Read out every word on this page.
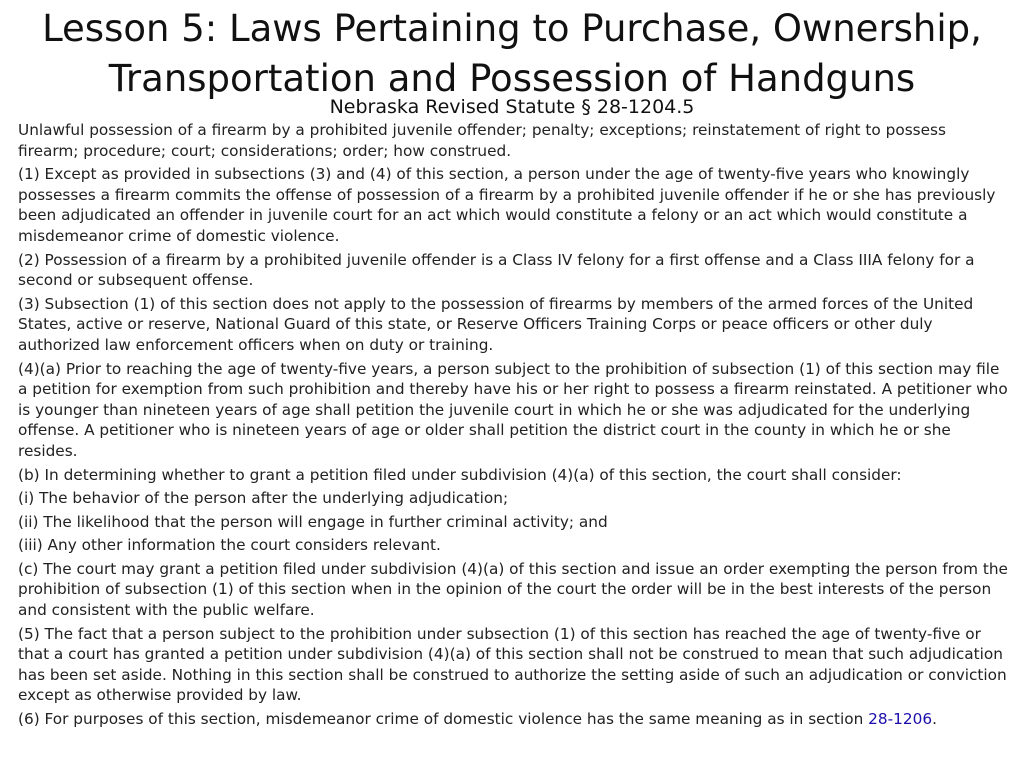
Lesson 5: Laws Pertaining to Purchase, Ownership,
Transportation and Possession of Handguns
Nebraska Revised Statute § 28-1204.5

Unlawful possession of a firearm by a prohibited juvenile offender; penalty; exceptions; reinstatement of right to possess firearm; procedure; court; considerations; order; how construed.

(1) Except as provided in subsections (3) and (4) of this section, a person under the age of twenty-five years who knowingly possesses a firearm commits the offense of possession of a firearm by a prohibited juvenile offender if he or she has previously been adjudicated an offender in juvenile court for an act which would constitute a felony or an act which would constitute a misdemeanor crime of domestic violence.

(2) Possession of a firearm by a prohibited juvenile offender is a Class IV felony for a first offense and a Class IIIA felony for a second or subsequent offense.

(3) Subsection (1) of this section does not apply to the possession of firearms by members of the armed forces of the United States, active or reserve, National Guard of this state, or Reserve Officers Training Corps or peace officers or other duly authorized law enforcement officers when on duty or training.

(4)(a) Prior to reaching the age of twenty-five years, a person subject to the prohibition of subsection (1) of this section may file a petition for exemption from such prohibition and thereby have his or her right to possess a firearm reinstated. A petitioner who is younger than nineteen years of age shall petition the juvenile court in which he or she was adjudicated for the underlying offense. A petitioner who is nineteen years of age or older shall petition the district court in the county in which he or she resides.

(b) In determining whether to grant a petition filed under subdivision (4)(a) of this section, the court shall consider:

(i) The behavior of the person after the underlying adjudication;

(ii) The likelihood that the person will engage in further criminal activity; and

(iii) Any other information the court considers relevant.

(c) The court may grant a petition filed under subdivision (4)(a) of this section and issue an order exempting the person from the prohibition of subsection (1) of this section when in the opinion of the court the order will be in the best interests of the person and consistent with the public welfare.

(5) The fact that a person subject to the prohibition under subsection (1) of this section has reached the age of twenty-five or that a court has granted a petition under subdivision (4)(a) of this section shall not be construed to mean that such adjudication has been set aside. Nothing in this section shall be construed to authorize the setting aside of such an adjudication or conviction except as otherwise provided by law.

(6) For purposes of this section, misdemeanor crime of domestic violence has the same meaning as in section 28-1206.
